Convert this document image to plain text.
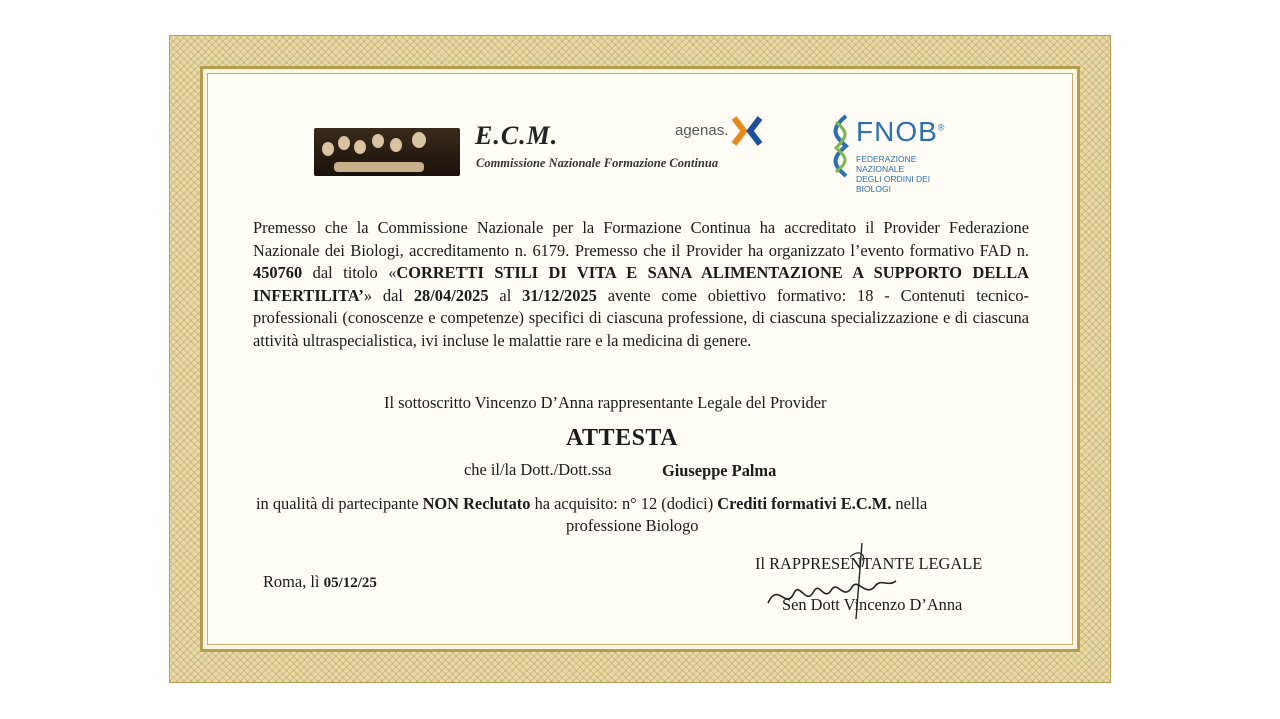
E.C.M.
Commissione Nazionale Formazione Continua
agenas.	FNOB®
FEDERAZIONE NAZIONALE
DEGLI ORDINI DEI BIOLOGI
Premesso che la Commissione Nazionale per la Formazione Continua ha accreditato il Provider Federazione Nazionale dei Biologi, accreditamento n. 6179. Premesso che il Provider ha organizzato l’evento formativo FAD n. 450760 dal titolo «CORRETTI STILI DI VITA E SANA ALIMENTAZIONE A SUPPORTO DELLA INFERTILITA’» dal 28/04/2025 al 31/12/2025 avente come obiettivo formativo: 18 - Contenuti tecnico-professionali (conoscenze e competenze) specifici di ciascuna professione, di ciascuna specializzazione e di ciascuna attività ultraspecialistica, ivi incluse le malattie rare e la medicina di genere.
Il sottoscritto Vincenzo D’Anna rappresentante Legale del Provider
ATTESTA
che il/la Dott./Dott.ssa	Giuseppe Palma
in qualità di partecipante NON Reclutato ha acquisito: n° 12 (dodici) Crediti formativi E.C.M. nella
professione Biologo
Roma, lì 05/12/25
Il RAPPRESENTANTE LEGALE
Sen Dott Vincenzo D’Anna
